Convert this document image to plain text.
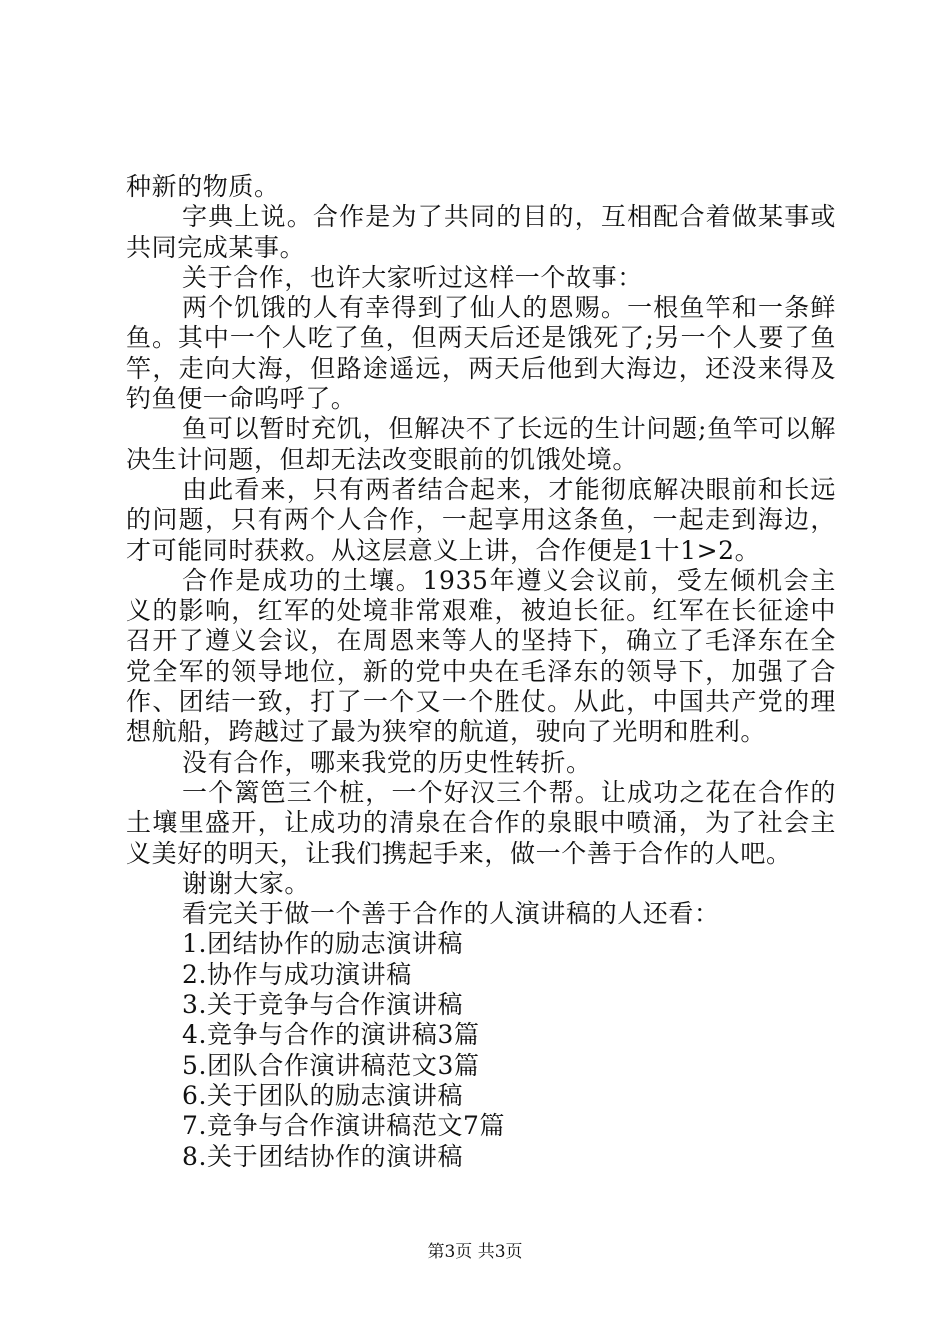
种新的物质。

字典上说。合作是为了共同的目的，互相配合着做某事或共同完成某事。

关于合作，也许大家听过这样一个故事：

两个饥饿的人有幸得到了仙人的恩赐。一根鱼竿和一条鲜鱼。其中一个人吃了鱼，但两天后还是饿死了;另一个人要了鱼竿，走向大海，但路途遥远，两天后他到大海边，还没来得及钓鱼便一命呜呼了。

鱼可以暂时充饥，但解决不了长远的生计问题;鱼竿可以解决生计问题，但却无法改变眼前的饥饿处境。

由此看来，只有两者结合起来，才能彻底解决眼前和长远的问题，只有两个人合作，一起享用这条鱼，一起走到海边，才可能同时获救。从这层意义上讲，合作便是1十1>2。

合作是成功的土壤。1935年遵义会议前，受左倾机会主义的影响，红军的处境非常艰难，被迫长征。红军在长征途中召开了遵义会议，在周恩来等人的坚持下，确立了毛泽东在全党全军的领导地位，新的党中央在毛泽东的领导下，加强了合作、团结一致，打了一个又一个胜仗。从此，中国共产党的理想航船，跨越过了最为狭窄的航道，驶向了光明和胜利。

没有合作，哪来我党的历史性转折。

一个篱笆三个桩，一个好汉三个帮。让成功之花在合作的土壤里盛开，让成功的清泉在合作的泉眼中喷涌，为了社会主义美好的明天，让我们携起手来，做一个善于合作的人吧。

谢谢大家。

看完关于做一个善于合作的人演讲稿的人还看：

1.团结协作的励志演讲稿

2.协作与成功演讲稿

3.关于竞争与合作演讲稿

4.竞争与合作的演讲稿3篇

5.团队合作演讲稿范文3篇

6.关于团队的励志演讲稿

7.竞争与合作演讲稿范文7篇

8.关于团结协作的演讲稿

第3页 共3页
